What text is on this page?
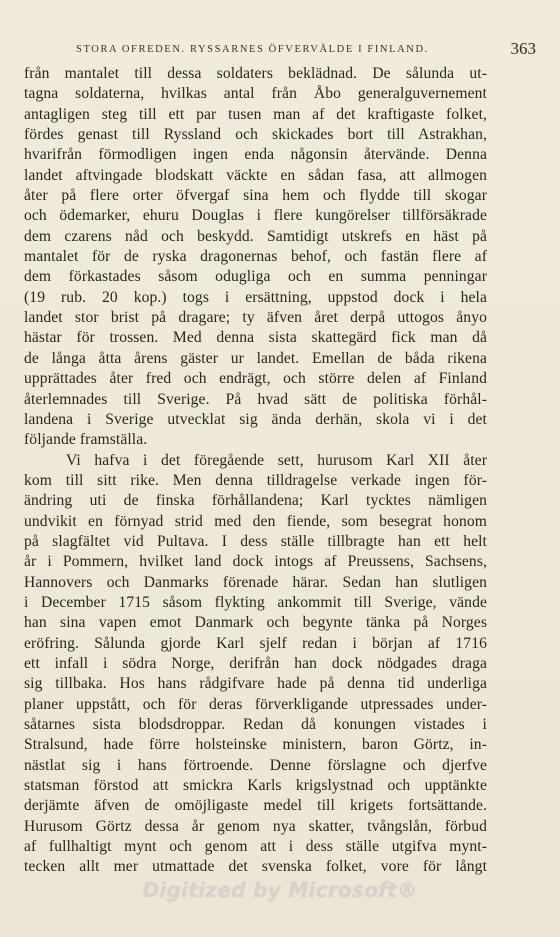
STORA OFREDEN. RYSSARNES ÖFVERVÄLDE I FINLAND.	363
från mantalet till dessa soldaters beklädnad. De sålunda ut-
tagna soldaterna, hvilkas antal från Åbo generalguvernement
antagligen steg till ett par tusen man af det kraftigaste folket,
fördes genast till Ryssland och skickades bort till Astrakhan,
hvarifrån förmodligen ingen enda någonsin återvände. Denna
landet aftvingade blodskatt väckte en sådan fasa, att allmogen
åter på flere orter öfvergaf sina hem och flydde till skogar
och ödemarker, ehuru Douglas i flere kungörelser tillförsäkrade
dem czarens nåd och beskydd. Samtidigt utskrefs en häst på
mantalet för de ryska dragonernas behof, och fastän flere af
dem förkastades såsom odugliga och en summa penningar
(19 rub. 20 kop.) togs i ersättning, uppstod dock i hela
landet stor brist på dragare; ty äfven året derpå uttogos ånyo
hästar för trossen. Med denna sista skattegärd fick man då
de långa åtta årens gäster ur landet. Emellan de båda rikena
upprättades åter fred och endrägt, och större delen af Finland
återlemnades till Sverige. På hvad sätt de politiska förhål-
landena i Sverige utvecklat sig ända derhän, skola vi i det
följande framställa.
Vi hafva i det föregående sett, hurusom Karl XII åter
kom till sitt rike. Men denna tilldragelse verkade ingen för-
ändring uti de finska förhållandena; Karl tycktes nämligen
undvikit en förnyad strid med den fiende, som besegrat honom
på slagfältet vid Pultava. I dess ställe tillbragte han ett helt
år i Pommern, hvilket land dock intogs af Preussens, Sachsens,
Hannovers och Danmarks förenade härar. Sedan han slutligen
i December 1715 såsom flykting ankommit till Sverige, vände
han sina vapen emot Danmark och begynte tänka på Norges
eröfring. Sålunda gjorde Karl sjelf redan i början af 1716
ett infall i södra Norge, derifrån han dock nödgades draga
sig tillbaka. Hos hans rådgifvare hade på denna tid underliga
planer uppstått, och för deras förverkligande utpressades under-
såtarnes sista blodsdroppar. Redan då konungen vistades i
Stralsund, hade förre holsteinske ministern, baron Görtz, in-
nästlat sig i hans förtroende. Denne förslagne och djerfve
statsman förstod att smickra Karls krigslystnad och upptänkte
derjämte äfven de omöjligaste medel till krigets fortsättande.
Hurusom Görtz dessa år genom nya skatter, tvångslån, förbud
af fullhaltigt mynt och genom att i dess ställe utgifva mynt-
tecken allt mer utmattade det svenska folket, vore för långt
Digitized by Microsoft®
